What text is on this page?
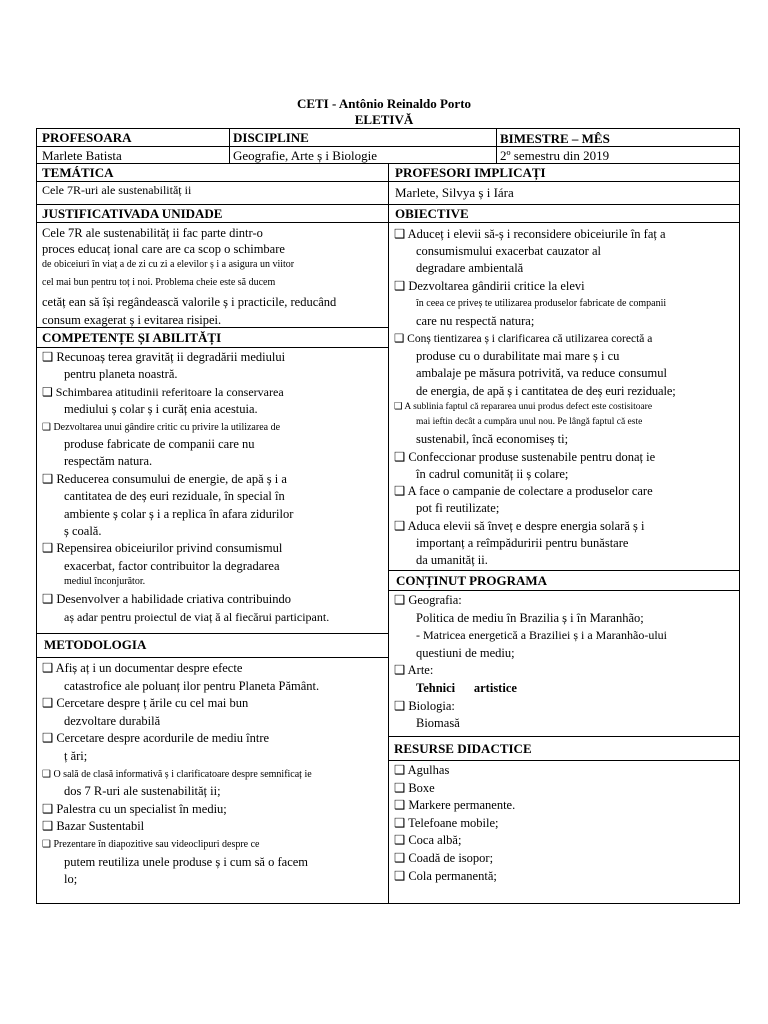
CETI - Antônio Reinaldo Porto
ELETIVĂ
PROFESOARA
Marlete Batista
DISCIPLINE
Geografie, Arte ș i Biologie
BIMESTRE – MÊS
2º semestru din 2019
TEMÁTICA
Cele 7R-uri ale sustenabilităț ii
PROFESORI IMPLICAȚI
Marlete, Silvya ș i Iára
JUSTIFICATIVADA UNIDADE	OBIECTIVE
Cele 7R ale sustenabilităț ii fac parte dintr-o
proces educaț ional care are ca scop o schimbare
de obiceiuri în viaț a de zi cu zi a elevilor ș i a asigura un viitor
cel mai bun pentru toț i noi. Problema cheie este să ducem
cetăț ean să își regândească valorile ș i practicile, reducând
consum exagerat ș i evitarea risipei.
COMPETENȚE ȘI ABILITĂȚI
❑ Recunoaș terea gravităț ii degradării mediului
pentru planeta noastră.
❑ Schimbarea atitudinii referitoare la conservarea
mediului ș colar ș i curăț enia acestuia.
❑ Dezvoltarea unui gândire critic cu privire la utilizarea de
produse fabricate de companii care nu
respectăm natura.
❑ Reducerea consumului de energie, de apă ș i a
cantitatea de deș euri reziduale, în special în
ambiente ș colar ș i a replica în afara zidurilor
ș coală.
❑ Repensirea obiceiurilor privind consumismul
exacerbat, factor contribuitor la degradarea
mediul înconjurător.
❑ Desenvolver a habilidade criativa contribuindo
aș adar pentru proiectul de viaț ă al fiecărui participant.
METODOLOGIA
❑ Afiș aț i un documentar despre efecte
catastrofice ale poluanț ilor pentru Planeta Pământ.
❑ Cercetare despre ț ările cu cel mai bun
dezvoltare durabilă
❑ Cercetare despre acordurile de mediu între
ț ări;
❑ O sală de clasă informativă ș i clarificatoare despre semnificaț ie
dos 7 R-uri ale sustenabilităț ii;
❑ Palestra cu un specialist în mediu;
❑ Bazar Sustentabil
❑ Prezentare în diapozitive sau videoclipuri despre ce
putem reutiliza unele produse ș i cum să o facem
lo;
❑ Aduceț i elevii să-ș i reconsidere obiceiurile în faț a
consumismului exacerbat cauzator al
degradare ambientală
❑ Dezvoltarea gândirii critice la elevi
în ceea ce priveș te utilizarea produselor fabricate de companii
care nu respectă natura;
❑ Conș tientizarea ș i clarificarea că utilizarea corectă a
produse cu o durabilitate mai mare ș i cu
ambalaje pe măsura potrivită, va reduce consumul
de energia, de apă ș i cantitatea de deș euri reziduale;
❑ A sublinia faptul că repararea unui produs defect este costisitoare
mai ieftin decât a cumpăra unul nou. Pe lângă faptul că este
sustenabil, încă economiseș ti;
❑ Confeccionar produse sustenabile pentru donaț ie
în cadrul comunităț ii ș colare;
❑ A face o campanie de colectare a produselor care
pot fi reutilizate;
❑ Aduca elevii să înveț e despre energia solară ș i
importanț a reîmpăduririi pentru bunăstare
da umanităț ii.
CONȚINUT PROGRAMA
❑ Geografia:
Politica de mediu în Brazilia ș i în Maranhão;
- Matricea energetică a Braziliei ș i a Maranhão-ului
questiuni de mediu;
❑ Arte:
Tehnici      artistice
❑ Biologia:
Biomasă
RESURSE DIDACTICE
❑ Agulhas
❑ Boxe
❑ Markere permanente.
❑ Telefoane mobile;
❑ Coca albă;
❑ Coadă de isopor;
❑ Cola permanentă;
